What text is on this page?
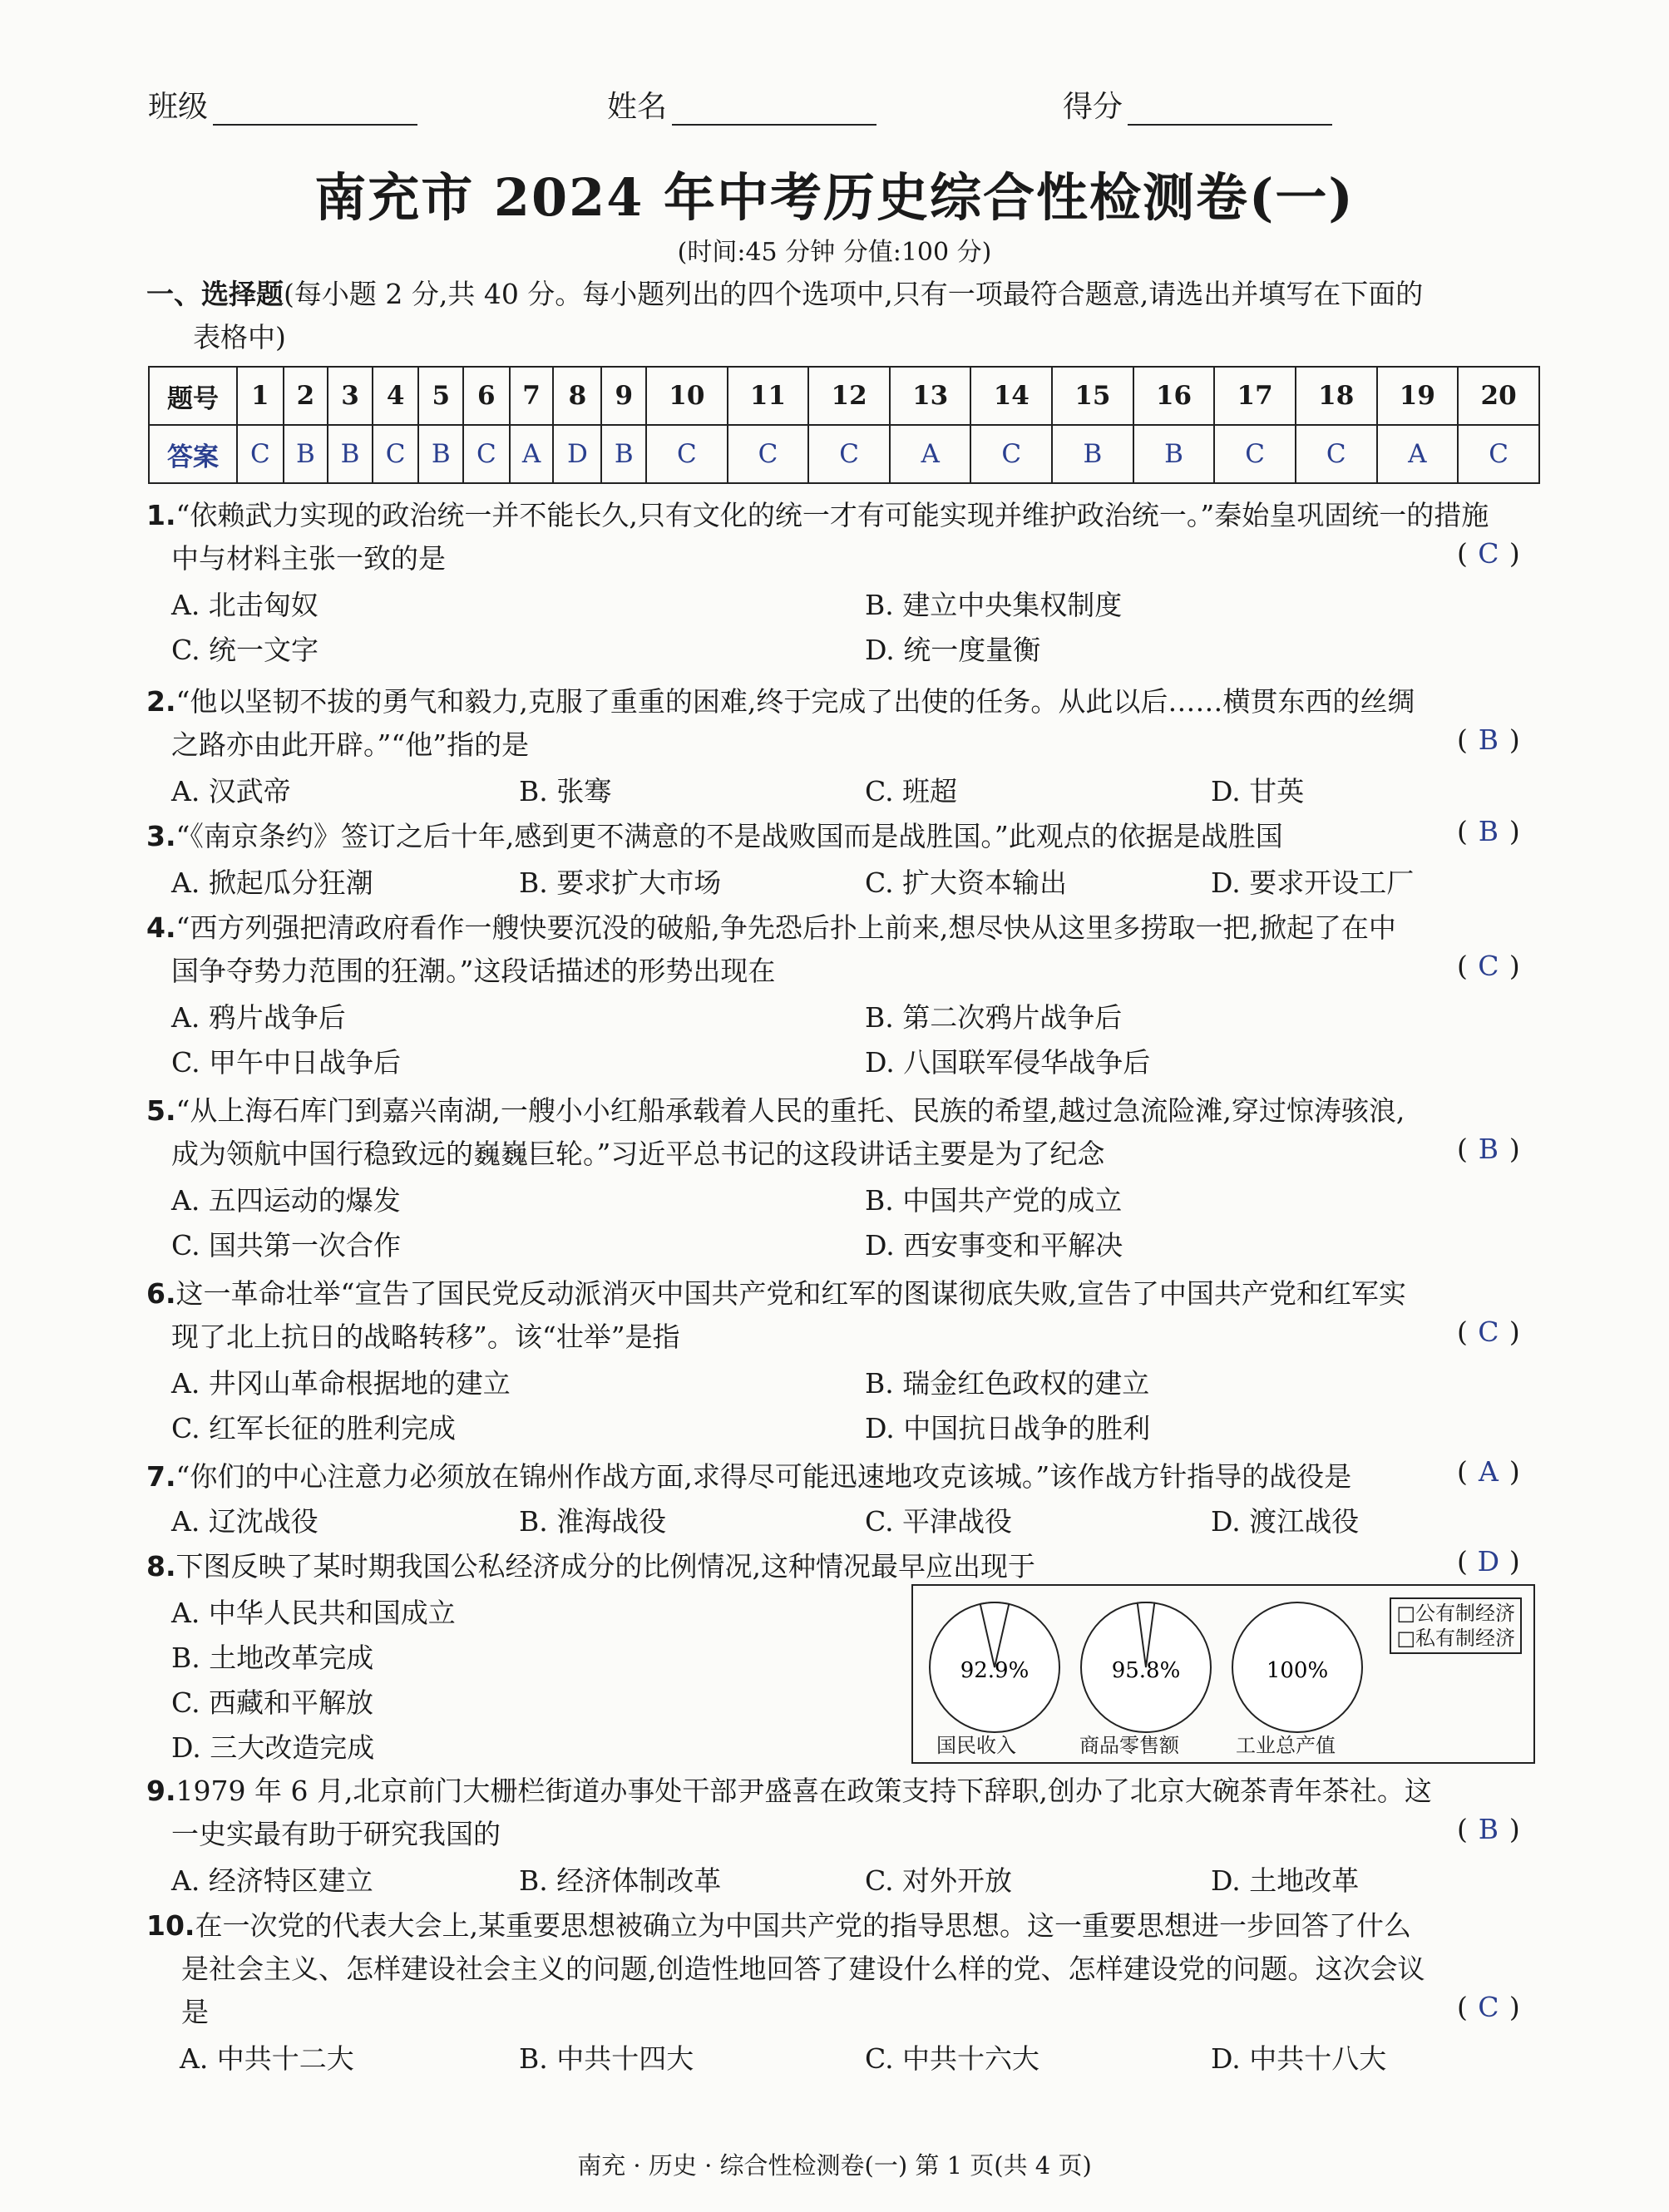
班级	姓名	得分
南充市 2024 年中考历史综合性检测卷(一)
(时间:45 分钟 分值:100 分)
一、选择题(每小题 2 分,共 40 分。每小题列出的四个选项中,只有一项最符合题意,请选出并填写在下面的
表格中)
题号	1	2	3	4	5	6	7	8	9	10	11	12	13	14	15	16	17	18	19	20
答案	C	B	B	C	B	C	A	D	B	C	C	C	A	C	B	B	C	C	A	C
1.“依赖武力实现的政治统一并不能长久,只有文化的统一才有可能实现并维护政治统一。”秦始皇巩固统一的措施
中与材料主张一致的是	( C )
A. 北击匈奴	B. 建立中央集权制度
C. 统一文字	D. 统一度量衡
2.“他以坚韧不拔的勇气和毅力,克服了重重的困难,终于完成了出使的任务。从此以后……横贯东西的丝绸
之路亦由此开辟。”“他”指的是	( B )
A. 汉武帝	B. 张骞	C. 班超	D. 甘英
3.“《南京条约》签订之后十年,感到更不满意的不是战败国而是战胜国。”此观点的依据是战胜国	( B )
A. 掀起瓜分狂潮	B. 要求扩大市场	C. 扩大资本输出	D. 要求开设工厂
4.“西方列强把清政府看作一艘快要沉没的破船,争先恐后扑上前来,想尽快从这里多捞取一把,掀起了在中
国争夺势力范围的狂潮。”这段话描述的形势出现在	( C )
A. 鸦片战争后	B. 第二次鸦片战争后
C. 甲午中日战争后	D. 八国联军侵华战争后
5.“从上海石库门到嘉兴南湖,一艘小小红船承载着人民的重托、民族的希望,越过急流险滩,穿过惊涛骇浪,
成为领航中国行稳致远的巍巍巨轮。”习近平总书记的这段讲话主要是为了纪念	( B )
A. 五四运动的爆发	B. 中国共产党的成立
C. 国共第一次合作	D. 西安事变和平解决
6.这一革命壮举“宣告了国民党反动派消灭中国共产党和红军的图谋彻底失败,宣告了中国共产党和红军实
现了北上抗日的战略转移”。该“壮举”是指	( C )
A. 井冈山革命根据地的建立	B. 瑞金红色政权的建立
C. 红军长征的胜利完成	D. 中国抗日战争的胜利
7.“你们的中心注意力必须放在锦州作战方面,求得尽可能迅速地攻克该城。”该作战方针指导的战役是	( A )
A. 辽沈战役	B. 淮海战役	C. 平津战役	D. 渡江战役
8.下图反映了某时期我国公私经济成分的比例情况,这种情况最早应出现于	( D )
A. 中华人民共和国成立
B. 土地改革完成
C. 西藏和平解放
D. 三大改造完成
92.9%	95.8%	100%
□公有制经济
□私有制经济
国民收入	商品零售额	工业总产值
9.1979 年 6 月,北京前门大栅栏街道办事处干部尹盛喜在政策支持下辞职,创办了北京大碗茶青年茶社。这
一史实最有助于研究我国的	( B )
A. 经济特区建立	B. 经济体制改革	C. 对外开放	D. 土地改革
10.在一次党的代表大会上,某重要思想被确立为中国共产党的指导思想。这一重要思想进一步回答了什么
是社会主义、怎样建设社会主义的问题,创造性地回答了建设什么样的党、怎样建设党的问题。这次会议
是	( C )
A. 中共十二大	B. 中共十四大	C. 中共十六大	D. 中共十八大
南充 · 历史 · 综合性检测卷(一) 第 1 页(共 4 页)
